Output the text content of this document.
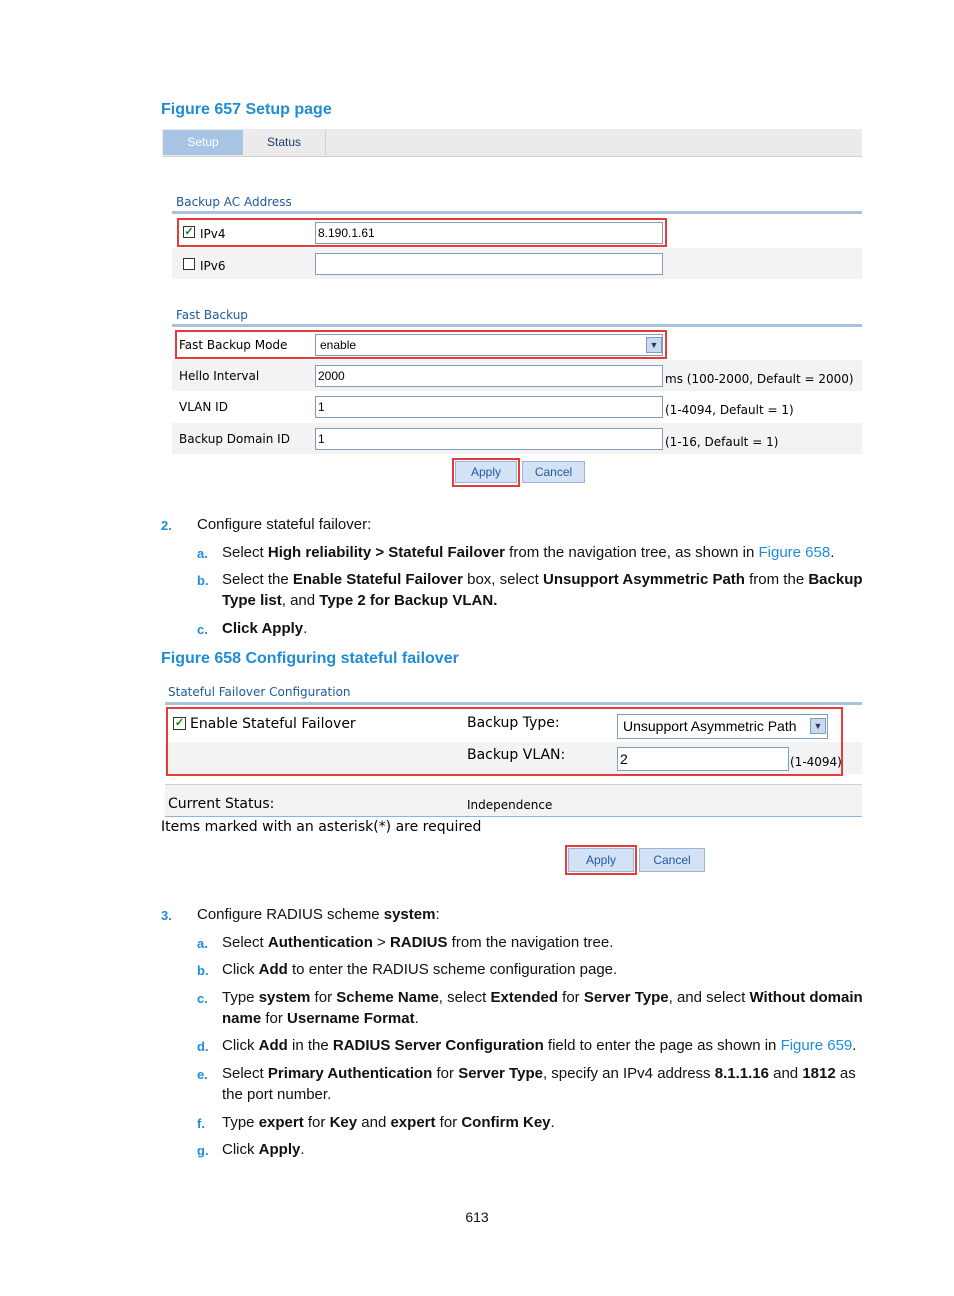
Figure 657 Setup page
Setup	Status
Backup AC Address
✓ IPv4	8.190.1.61
IPv6
Fast Backup
Fast Backup Mode	enable	▼
Hello Interval	2000	ms (100-2000, Default = 2000)
VLAN ID	1	(1-4094, Default = 1)
Backup Domain ID 1	(1-16, Default = 1)
Apply	Cancel
2. Configure stateful failover:
a. Select High reliability > Stateful Failover from the navigation tree, as shown in Figure 658.
b. Select the Enable Stateful Failover box, select Unsupport Asymmetric Path from the Backup
Type list, and Type 2 for Backup VLAN.
c. Click Apply.
Figure 658 Configuring stateful failover
Stateful Failover Configuration
✓ Enable Stateful Failover	Backup Type:	Unsupport Asymmetric Path	▼
Backup VLAN:	2	(1-4094)
Current Status:	Independence
Items marked with an asterisk(*) are required
Apply	Cancel
3. Configure RADIUS scheme system:
a. Select Authentication > RADIUS from the navigation tree.
b. Click Add to enter the RADIUS scheme configuration page.
c. Type system for Scheme Name, select Extended for Server Type, and select Without domain
name for Username Format.
d. Click Add in the RADIUS Server Configuration field to enter the page as shown in Figure 659.
e. Select Primary Authentication for Server Type, specify an IPv4 address 8.1.1.16 and 1812 as
the port number.
f. Type expert for Key and expert for Confirm Key.
g. Click Apply.
613
